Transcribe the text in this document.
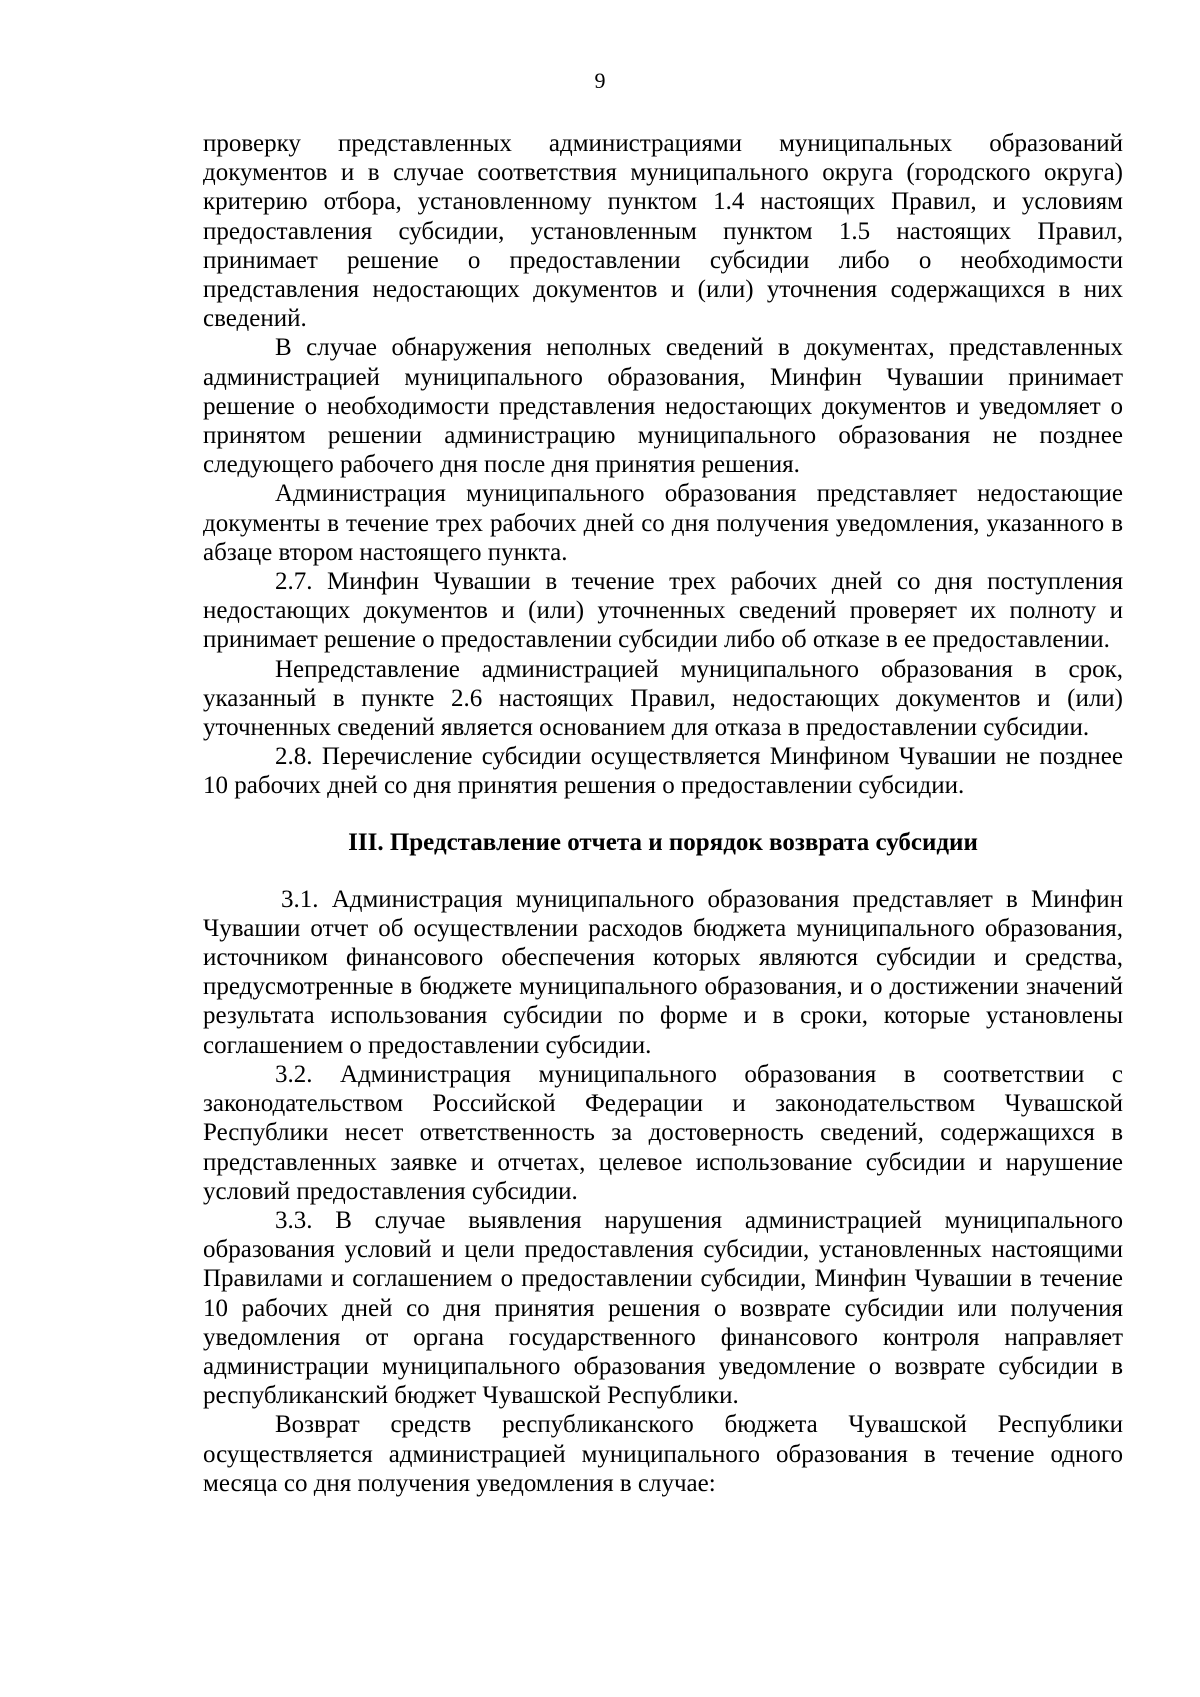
9

проверку представленных администрациями муниципальных образований документов и в случае соответствия муниципального округа (городского округа) критерию отбора, установленному пунктом 1.4 настоящих Правил, и условиям предоставления субсидии, установленным пунктом 1.5 настоящих Правил, принимает решение о предоставлении субсидии либо о необходимости представления недостающих документов и (или) уточнения содержащихся в них сведений.

В случае обнаружения неполных сведений в документах, представленных администрацией муниципального образования, Минфин Чувашии принимает решение о необходимости представления недостающих документов и уведомляет о принятом решении администрацию муниципального образования не позднее следующего рабочего дня после дня принятия решения.

Администрация муниципального образования представляет недостающие документы в течение трех рабочих дней со дня получения уведомления, указанного в абзаце втором настоящего пункта.

2.7. Минфин Чувашии в течение трех рабочих дней со дня поступления недостающих документов и (или) уточненных сведений проверяет их полноту и принимает решение о предоставлении субсидии либо об отказе в ее предоставлении.

Непредставление администрацией муниципального образования в срок, указанный в пункте 2.6 настоящих Правил, недостающих документов и (или) уточненных сведений является основанием для отказа в предоставлении субсидии.

2.8. Перечисление субсидии осуществляется Минфином Чувашии не позднее 10 рабочих дней со дня принятия решения о предоставлении субсидии.

III. Представление отчета и порядок возврата субсидии

3.1. Администрация муниципального образования представляет в Минфин Чувашии отчет об осуществлении расходов бюджета муниципального образования, источником финансового обеспечения которых являются субсидии и средства, предусмотренные в бюджете муниципального образования, и о достижении значений результата использования субсидии по форме и в сроки, которые установлены соглашением о предоставлении субсидии.

3.2. Администрация муниципального образования в соответствии с законодательством Российской Федерации и законодательством Чувашской Республики несет ответственность за достоверность сведений, содержащихся в представленных заявке и отчетах, целевое использование субсидии и нарушение условий предоставления субсидии.

3.3. В случае выявления нарушения администрацией муниципального образования условий и цели предоставления субсидии, установленных настоящими Правилами и соглашением о предоставлении субсидии, Минфин Чувашии в течение 10 рабочих дней со дня принятия решения о возврате субсидии или получения уведомления от органа государственного финансового контроля направляет администрации муниципального образования уведомление о возврате субсидии в республиканский бюджет Чувашской Республики.

Возврат средств республиканского бюджета Чувашской Республики осуществляется администрацией муниципального образования в течение одного месяца со дня получения уведомления в случае:
